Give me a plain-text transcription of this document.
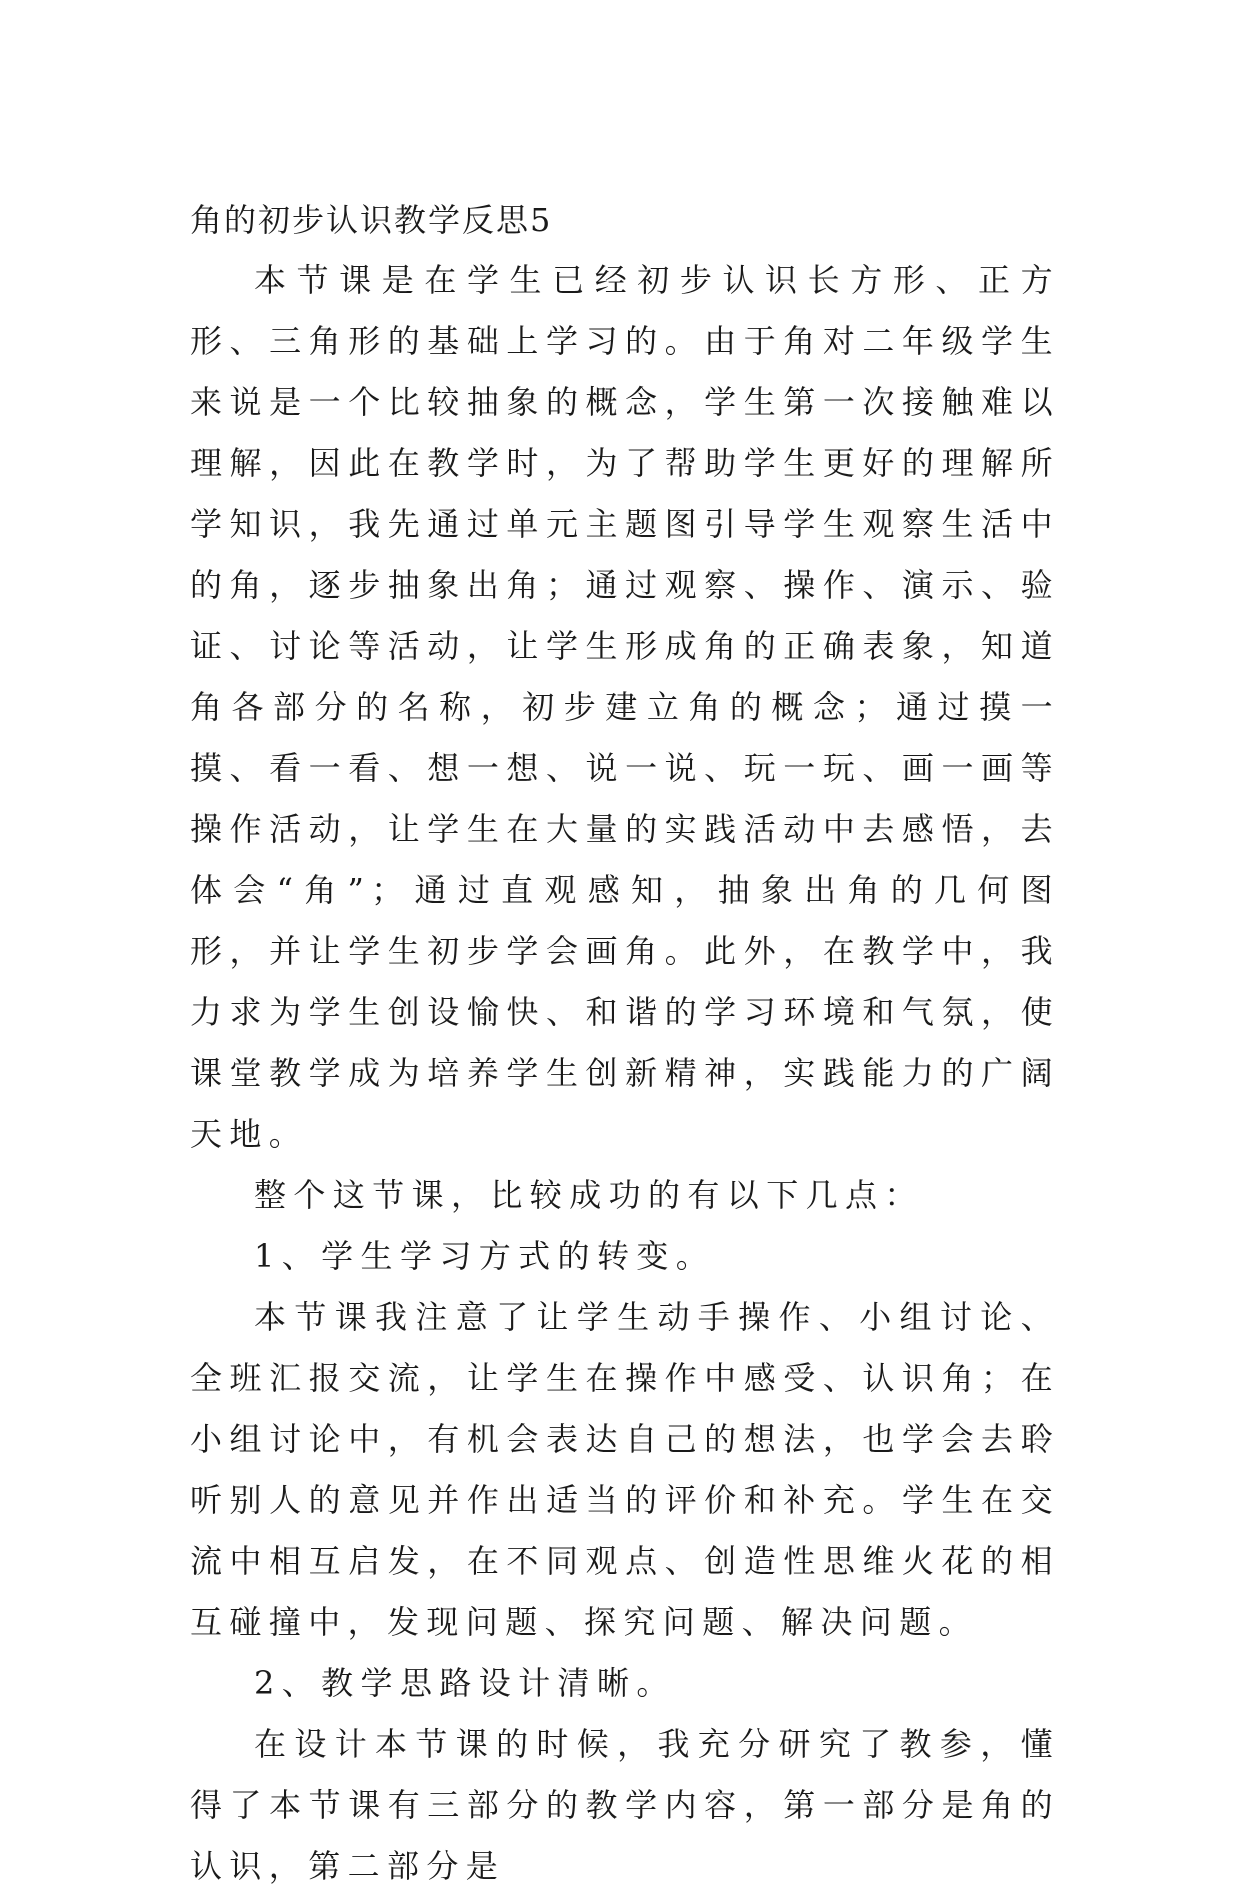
角的初步认识教学反思5

本节课是在学生已经初步认识长方形、正方形、三角形的基础上学习的。由于角对二年级学生来说是一个比较抽象的概念，学生第一次接触难以理解，因此在教学时，为了帮助学生更好的理解所学知识，我先通过单元主题图引导学生观察生活中的角，逐步抽象出角；通过观察、操作、演示、验证、讨论等活动，让学生形成角的正确表象，知道角各部分的名称，初步建立角的概念；通过摸一摸、看一看、想一想、说一说、玩一玩、画一画等操作活动，让学生在大量的实践活动中去感悟，去体会“角”；通过直观感知，抽象出角的几何图形，并让学生初步学会画角。此外，在教学中，我力求为学生创设愉快、和谐的学习环境和气氛，使课堂教学成为培养学生创新精神，实践能力的广阔天地。

整个这节课，比较成功的有以下几点：

1、学生学习方式的转变。

本节课我注意了让学生动手操作、小组讨论、全班汇报交流，让学生在操作中感受、认识角；在小组讨论中，有机会表达自己的想法，也学会去聆听别人的意见并作出适当的评价和补充。学生在交流中相互启发，在不同观点、创造性思维火花的相互碰撞中，发现问题、探究问题、解决问题。

2、教学思路设计清晰。

在设计本节课的时候，我充分研究了教参，懂得了本节课有三部分的教学内容，第一部分是角的认识，第二部分是
